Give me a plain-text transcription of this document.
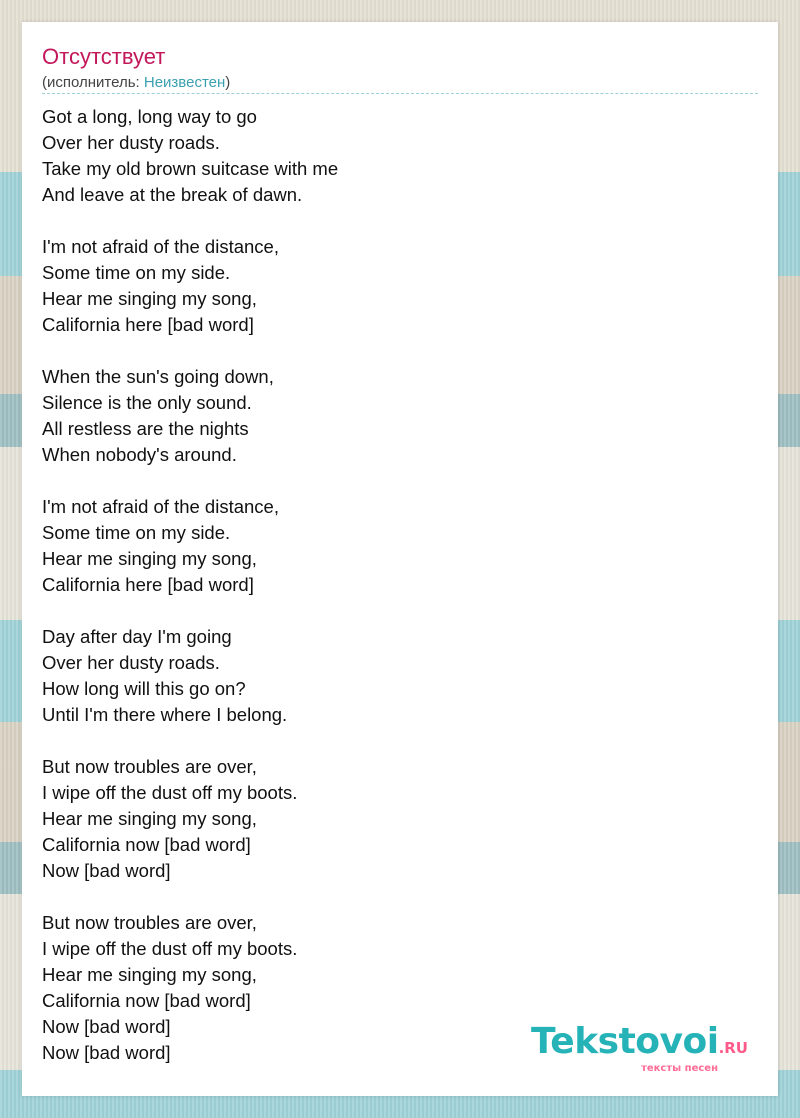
Отсутствует
(исполнитель: Неизвестен)
Got a long, long way to go
Over her dusty roads.
Take my old brown suitcase with me
And leave at the break of dawn.
I'm not afraid of the distance,
Some time on my side.
Hear me singing my song,
California here [bad word]
When the sun's going down,
Silence is the only sound.
All restless are the nights
When nobody's around.
I'm not afraid of the distance,
Some time on my side.
Hear me singing my song,
California here [bad word]
Day after day I'm going
Over her dusty roads.
How long will this go on?
Until I'm there where I belong.
But now troubles are over,
I wipe off the dust off my boots.
Hear me singing my song,
California now [bad word]
Now [bad word]
But now troubles are over,
I wipe off the dust off my boots.
Hear me singing my song,
California now [bad word]
Now [bad word]
Now [bad word]	Tekstovoi.RU
тексты песен
